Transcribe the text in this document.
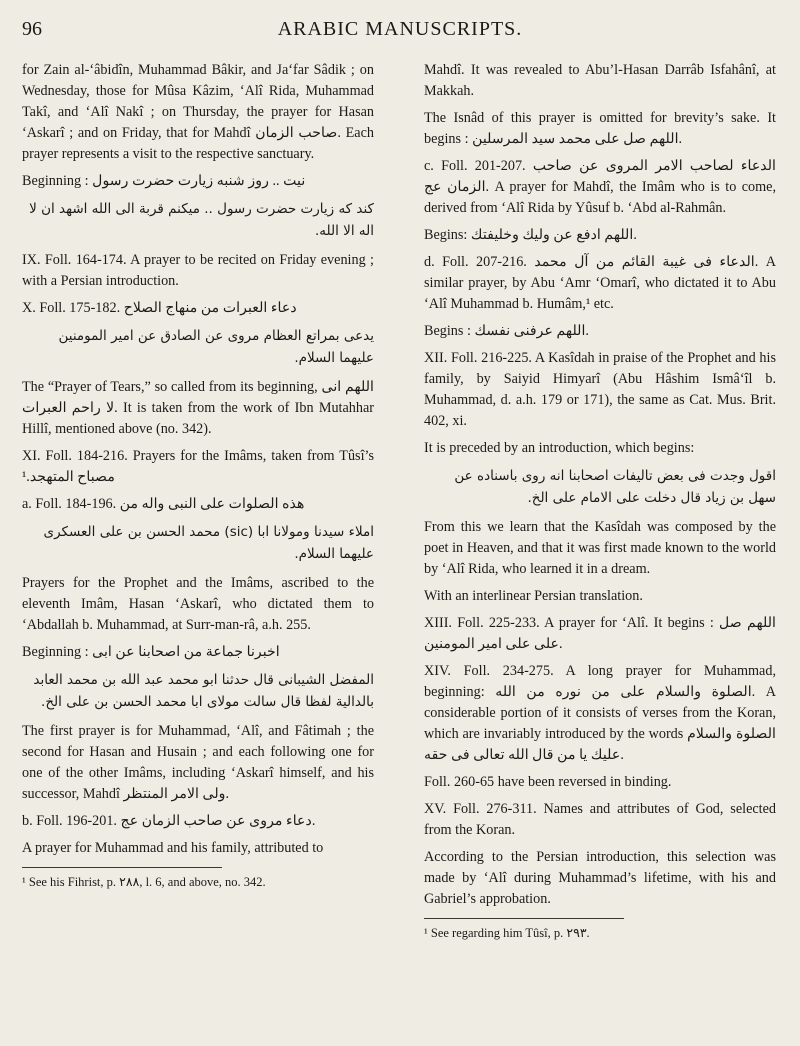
96	ARABIC MANUSCRIPTS.

for Zain al-‘âbidîn, Muhammad Bâkir, and Ja‘far Sâdik ; on Wednesday, those for Mûsa Kâzim, ‘Alî Rida, Muhammad Takî, and ‘Alî Nakî ; on Thursday, the prayer for Hasan ‘Askarî ; and on Friday, that for Mahdî صاحب الزمان. Each prayer represents a visit to the respective sanctuary.

Beginning : نيت .. روز شنبه زيارت حضرت رسول

كند كه زيارت حضرت رسول .. ميكنم قربة الى الله اشهد ان لا اله الا الله.

IX. Foll. 164-174. A prayer to be recited on Friday evening ; with a Persian introduction.

X. Foll. 175-182. دعاء العبرات من منهاج الصلاح

يدعى بمراتع العظام مروى عن الصادق عن امير المومنين عليهما السلام.

The “Prayer of Tears,” so called from its beginning, اللهم انى لا راحم العبرات. It is taken from the work of Ibn Mutahhar Hillî, mentioned above (no. 342).

XI. Foll. 184-216. Prayers for the Imâms, taken from Tûsî’s مصباح المتهجد.¹

a. Foll. 184-196. هذه الصلوات على النبى واله من

املاء سيدنا ومولانا ابا (sic) محمد الحسن بن على العسكرى عليهما السلام.

Prayers for the Prophet and the Imâms, ascribed to the eleventh Imâm, Hasan ‘Askarî, who dictated them to ‘Abdallah b. Muhammad, at Surr-man-râ, a.h. 255.

Beginning : اخبرنا جماعة من اصحابنا عن ابى

المفضل الشيبانى قال حدثنا ابو محمد عبد الله بن محمد العابد بالدالية لفظا قال سالت مولاى ابا محمد الحسن بن على الخ.

The first prayer is for Muhammad, ‘Alî, and Fâtimah ; the second for Hasan and Husain ; and each following one for one of the other Imâms, including ‘Askarî himself, and his successor, Mahdî ولى الامر المنتظر.

b. Foll. 196-201. دعاء مروى عن صاحب الزمان عج.

A prayer for Muhammad and his family, attributed to

¹ See his Fihrist, p. ٢٨٨, l. 6, and above, no. 342.

Mahdî. It was revealed to Abu’l-Hasan Darrâb Isfahânî, at Makkah.

The Isnâd of this prayer is omitted for brevity’s sake. It begins : اللهم صل على محمد سيد المرسلين.

c. Foll. 201-207. الدعاء لصاحب الامر المروى عن صاحب الزمان عج. A prayer for Mahdî, the Imâm who is to come, derived from ‘Alî Rida by Yûsuf b. ‘Abd al-Rahmân.

Begins: اللهم ادفع عن وليك وخليفتك.

d. Foll. 207-216. الدعاء فى غيبة القائم من آل محمد. A similar prayer, by Abu ‘Amr ‘Omarî, who dictated it to Abu ‘Alî Muhammad b. Humâm,¹ etc.

Begins : اللهم عرفنى نفسك.

XII. Foll. 216-225. A Kasîdah in praise of the Prophet and his family, by Saiyid Himyarî (Abu Hâshim Ismâ‘îl b. Muhammad, d. a.h. 179 or 171), the same as Cat. Mus. Brit. 402, xi.

It is preceded by an introduction, which begins:

اقول وجدت فى بعض تاليفات اصحابنا انه روى باسناده عن سهل بن زياد قال دخلت على الامام على الخ.

From this we learn that the Kasîdah was composed by the poet in Heaven, and that it was first made known to the world by ‘Alî Rida, who learned it in a dream.

With an interlinear Persian translation.

XIII. Foll. 225-233. A prayer for ‘Alî. It begins : اللهم صل على على امير المومنين.

XIV. Foll. 234-275. A long prayer for Muhammad, beginning: الصلوة والسلام على من نوره من الله. A considerable portion of it consists of verses from the Koran, which are invariably introduced by the words الصلوة والسلام عليك يا من قال الله تعالى فى حقه.

Foll. 260-65 have been reversed in binding.

XV. Foll. 276-311. Names and attributes of God, selected from the Koran.

According to the Persian introduction, this selection was made by ‘Alî during Muhammad’s lifetime, with his and Gabriel’s approbation.

¹ See regarding him Tûsî, p. ٢٩٣.
